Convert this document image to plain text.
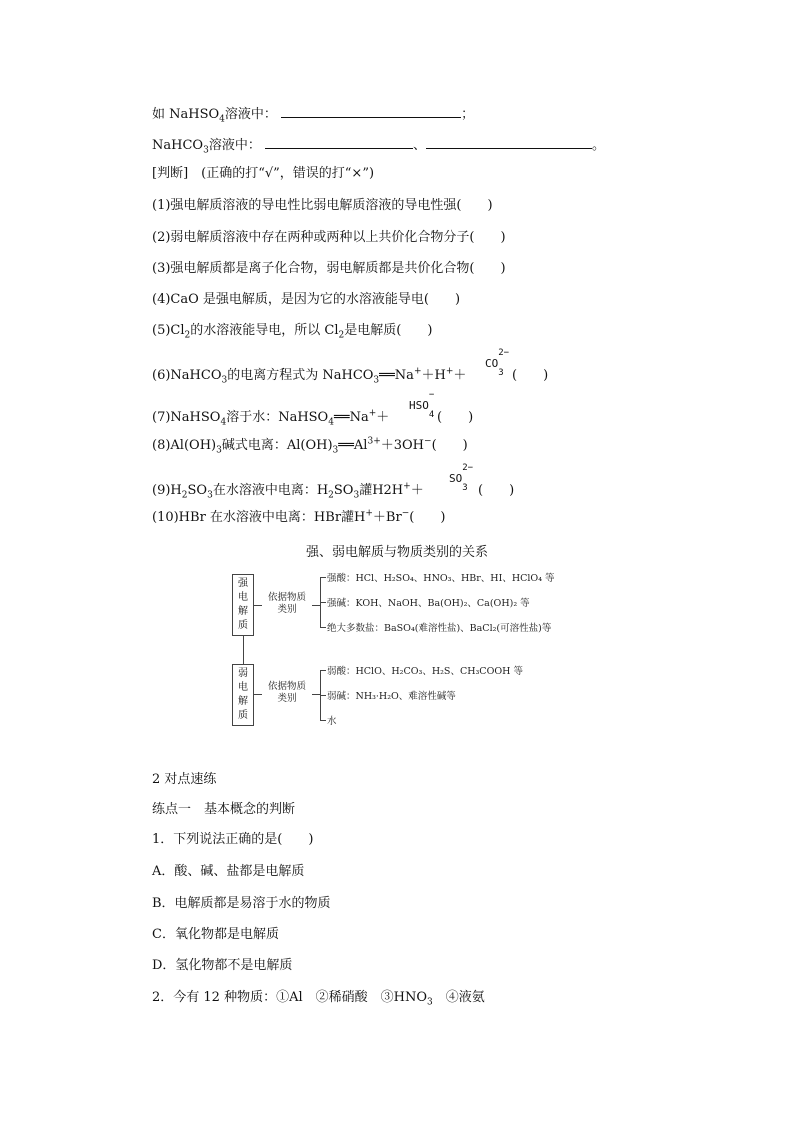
如 NaHSO$_4$溶液中：	；
NaHCO$_3$溶液中：	、	。
[判断]　(正确的打“√”，错误的打“×”)
(1)强电解质溶液的导电性比弱电解质溶液的导电性强(　　)
(2)弱电解质溶液中存在两种或两种以上共价化合物分子(　　)
(3)强电解质都是离子化合物，弱电解质都是共价化合物(　　)
(4)CaO 是强电解质，是因为它的水溶液能导电(　　)
$(5)Cl_2$的水溶液能导电，所以 $Cl_2$是电解质(　　)
(6)NaHCO$_3$的电离方程式为 NaHCO$_3$══Na+＋H+＋
CO
2−
$_3$ (　　)
(7)NaHSO$_4$溶于水：NaHSO$_4$══Na+＋
HSO
−
$_4$ (　　)
$(8)Al(OH)_3$碱式电离：$Al(OH)_3══Al^{3+}+3OH^-$(　　)
$(9)H_2SO_3$在水溶液中电离：$H_2SO_3$讙H2H+＋
SO
2−
$_3$ (　　)
(10)HBr 在水溶液中电离：HBr讙H+＋Br−(　　)
强、弱电解质与物质类别的关系
强
电
解
质
弱
电
解
质
依据物质
类别
强酸：HCl、H₂SO₄、HNO₃、HBr、HI、HClO₄ 等
强碱：KOH、NaOH、Ba(OH)₂、Ca(OH)₂ 等
绝大多数盐：BaSO₄(难溶性盐)、BaCl₂(可溶性盐)等
依据物质
类别
弱酸：HClO、H₂CO₃、H₂S、CH₃COOH 等
弱碱：NH₃·H₂O、难溶性碱等
水
2 对点速练
练点一　基本概念的判断
1．下列说法正确的是(　　)
A．酸、碱、盐都是电解质
B．电解质都是易溶于水的物质
C．氧化物都是电解质
D．氢化物都不是电解质
2．今有 12 种物质：①Al　②稀硝酸　$③HNO_3$　④液氨
